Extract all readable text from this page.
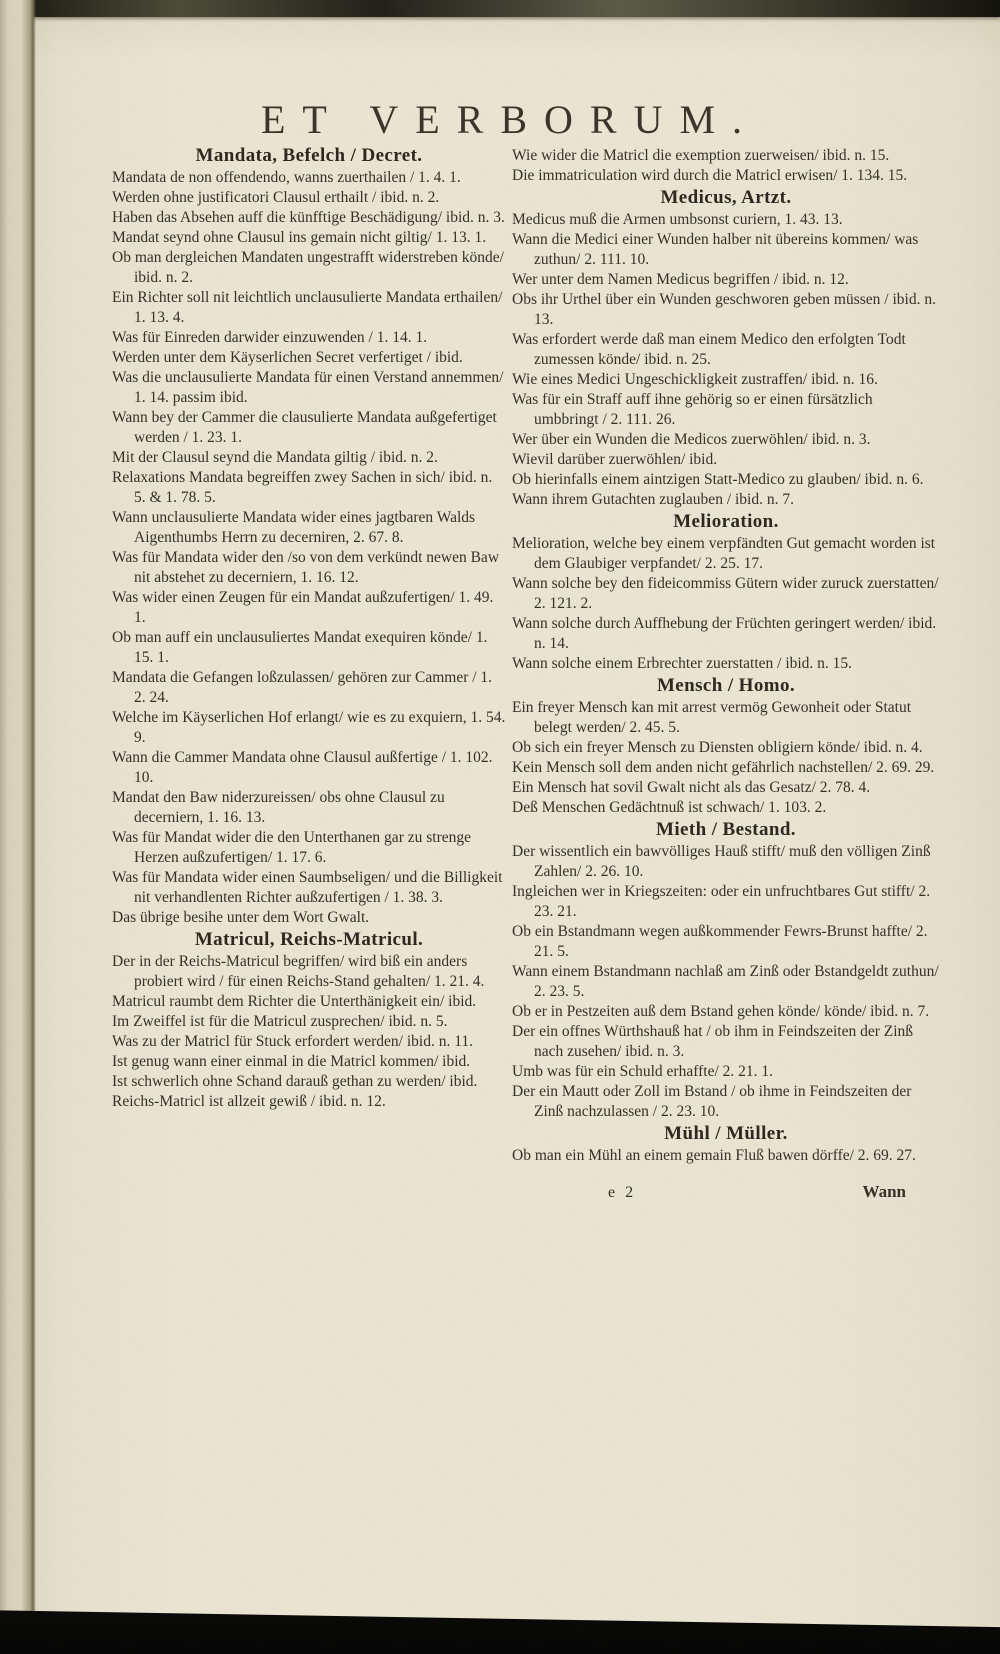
ET VERBORUM.

Mandata, Befelch / Decret.

Mandata de non offendendo, wanns zuerthailen / 1. 4. 1.

Werden ohne justificatori Clausul erthailt / ibid. n. 2.

Haben das Absehen auff die künfftige Beschädigung/ ibid. n. 3.

Mandat seynd ohne Clausul ins gemain nicht giltig/ 1. 13. 1.

Ob man dergleichen Mandaten ungestrafft widerstreben könde/ ibid. n. 2.

Ein Richter soll nit leichtlich unclausulierte Mandata erthailen/ 1. 13. 4.

Was für Einreden darwider einzuwenden / 1. 14. 1.

Werden unter dem Käyserlichen Secret verfertiget / ibid.

Was die unclausulierte Mandata für einen Verstand annemmen/ 1. 14. passim ibid.

Wann bey der Cammer die clausulierte Mandata außgefertiget werden / 1. 23. 1.

Mit der Clausul seynd die Mandata giltig / ibid. n. 2.

Relaxations Mandata begreiffen zwey Sachen in sich/ ibid. n. 5. & 1. 78. 5.

Wann unclausulierte Mandata wider eines jagtbaren Walds Aigenthumbs Herrn zu decerniren, 2. 67. 8.

Was für Mandata wider den /so von dem verkündt newen Baw nit abstehet zu decerniern, 1. 16. 12.

Was wider einen Zeugen für ein Mandat außzufertigen/ 1. 49. 1.

Ob man auff ein unclausuliertes Mandat exequiren könde/ 1. 15. 1.

Mandata die Gefangen loßzulassen/ gehören zur Cammer / 1. 2. 24.

Welche im Käyserlichen Hof erlangt/ wie es zu exquiern, 1. 54. 9.

Wann die Cammer Mandata ohne Clausul außfertige / 1. 102. 10.

Mandat den Baw niderzureissen/ obs ohne Clausul zu decerniern, 1. 16. 13.

Was für Mandat wider die den Unterthanen gar zu strenge Herzen außzufertigen/ 1. 17. 6.

Was für Mandata wider einen Saumbseligen/ und die Billigkeit nit verhandlenten Richter außzufertigen / 1. 38. 3.

Das übrige besihe unter dem Wort Gwalt.

Matricul, Reichs-Matricul.

Der in der Reichs-Matricul begriffen/ wird biß ein anders probiert wird / für einen Reichs-Stand gehalten/ 1. 21. 4.

Matricul raumbt dem Richter die Unterthänigkeit ein/ ibid.

Im Zweiffel ist für die Matricul zusprechen/ ibid. n. 5.

Was zu der Matricl für Stuck erfordert werden/ ibid. n. 11.

Ist genug wann einer einmal in die Matricl kommen/ ibid.

Ist schwerlich ohne Schand darauß gethan zu werden/ ibid.

Reichs-Matricl ist allzeit gewiß / ibid. n. 12.

Wie wider die Matricl die exemption zuerweisen/ ibid. n. 15.

Die immatriculation wird durch die Matricl erwisen/ 1. 134. 15.

Medicus, Artzt.

Medicus muß die Armen umbsonst curiern, 1. 43. 13.

Wann die Medici einer Wunden halber nit übereins kommen/ was zuthun/ 2. 111. 10.

Wer unter dem Namen Medicus begriffen / ibid. n. 12.

Obs ihr Urthel über ein Wunden geschworen geben müssen / ibid. n. 13.

Was erfordert werde daß man einem Medico den erfolgten Todt zumessen könde/ ibid. n. 25.

Wie eines Medici Ungeschickligkeit zustraffen/ ibid. n. 16.

Was für ein Straff auff ihne gehörig so er einen fürsätzlich umbbringt / 2. 111. 26.

Wer über ein Wunden die Medicos zuerwöhlen/ ibid. n. 3.

Wievil darüber zuerwöhlen/ ibid.

Ob hierinfalls einem aintzigen Statt-Medico zu glauben/ ibid. n. 6.

Wann ihrem Gutachten zuglauben / ibid. n. 7.

Melioration.

Melioration, welche bey einem verpfändten Gut gemacht worden ist dem Glaubiger verpfandet/ 2. 25. 17.

Wann solche bey den fideicommiss Gütern wider zuruck zuerstatten/ 2. 121. 2.

Wann solche durch Auffhebung der Früchten geringert werden/ ibid. n. 14.

Wann solche einem Erbrechter zuerstatten / ibid. n. 15.

Mensch / Homo.

Ein freyer Mensch kan mit arrest vermög Gewonheit oder Statut belegt werden/ 2. 45. 5.

Ob sich ein freyer Mensch zu Diensten obligiern könde/ ibid. n. 4.

Kein Mensch soll dem anden nicht gefährlich nachstellen/ 2. 69. 29.

Ein Mensch hat sovil Gwalt nicht als das Gesatz/ 2. 78. 4.

Deß Menschen Gedächtnuß ist schwach/ 1. 103. 2.

Mieth / Bestand.

Der wissentlich ein bawvölliges Hauß stifft/ muß den völligen Zinß Zahlen/ 2. 26. 10.

Ingleichen wer in Kriegszeiten: oder ein unfruchtbares Gut stifft/ 2. 23. 21.

Ob ein Bstandmann wegen außkommender Fewrs-Brunst haffte/ 2. 21. 5.

Wann einem Bstandmann nachlaß am Zinß oder Bstandgeldt zuthun/ 2. 23. 5.

Ob er in Pestzeiten auß dem Bstand gehen könde/ könde/ ibid. n. 7.

Der ein offnes Würthshauß hat / ob ihm in Feindszeiten der Zinß nach zusehen/ ibid. n. 3.

Umb was für ein Schuld erhaffte/ 2. 21. 1.

Der ein Mautt oder Zoll im Bstand / ob ihme in Feindszeiten der Zinß nachzulassen / 2. 23. 10.

Mühl / Müller.

Ob man ein Mühl an einem gemain Fluß bawen dörffe/ 2. 69. 27.

e 2	Wann
